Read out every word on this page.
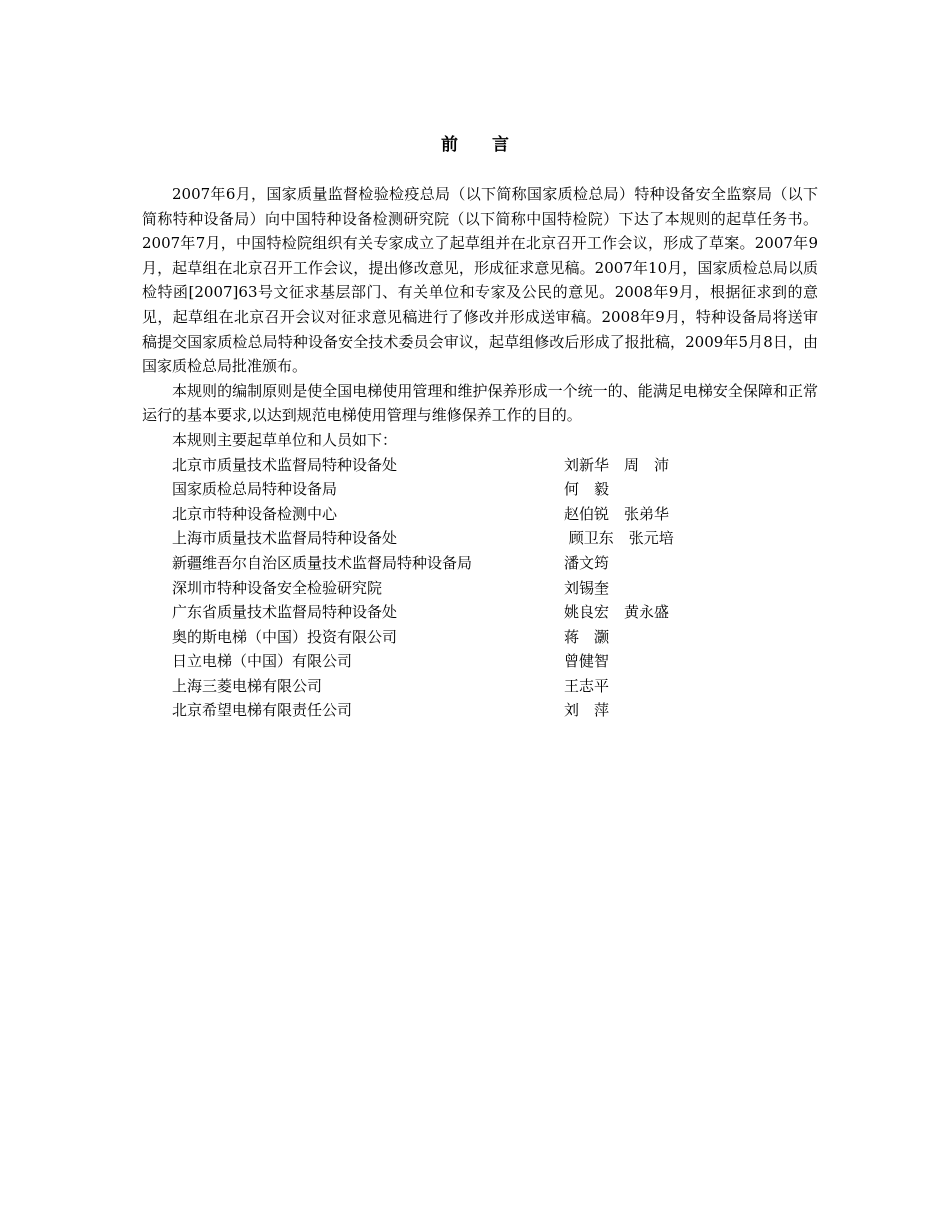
前言

2007年6月，国家质量监督检验检疫总局（以下简称国家质检总局）特种设备安全监察局（以下简称特种设备局）向中国特种设备检测研究院（以下简称中国特检院）下达了本规则的起草任务书。2007年7月，中国特检院组织有关专家成立了起草组并在北京召开工作会议，形成了草案。2007年9月，起草组在北京召开工作会议，提出修改意见，形成征求意见稿。2007年10月，国家质检总局以质检特函[2007]63号文征求基层部门、有关单位和专家及公民的意见。2008年9月，根据征求到的意见，起草组在北京召开会议对征求意见稿进行了修改并形成送审稿。2008年9月，特种设备局将送审稿提交国家质检总局特种设备安全技术委员会审议，起草组修改后形成了报批稿，2009年5月8日，由国家质检总局批准颁布。

本规则的编制原则是使全国电梯使用管理和维护保养形成一个统一的、能满足电梯安全保障和正常运行的基本要求,以达到规范电梯使用管理与维修保养工作的目的。

本规则主要起草单位和人员如下：

北京市质量技术监督局特种设备处	刘新华　周　沛
国家质检总局特种设备局	何　毅
北京市特种设备检测中心	赵伯锐　张弟华
上海市质量技术监督局特种设备处	顾卫东　张元培
新疆维吾尔自治区质量技术监督局特种设备局	潘文筠
深圳市特种设备安全检验研究院	刘锡奎
广东省质量技术监督局特种设备处	姚良宏　黄永盛
奥的斯电梯（中国）投资有限公司	蒋　灏
日立电梯（中国）有限公司	曾健智
上海三菱电梯有限公司	王志平
北京希望电梯有限责任公司	刘　萍
